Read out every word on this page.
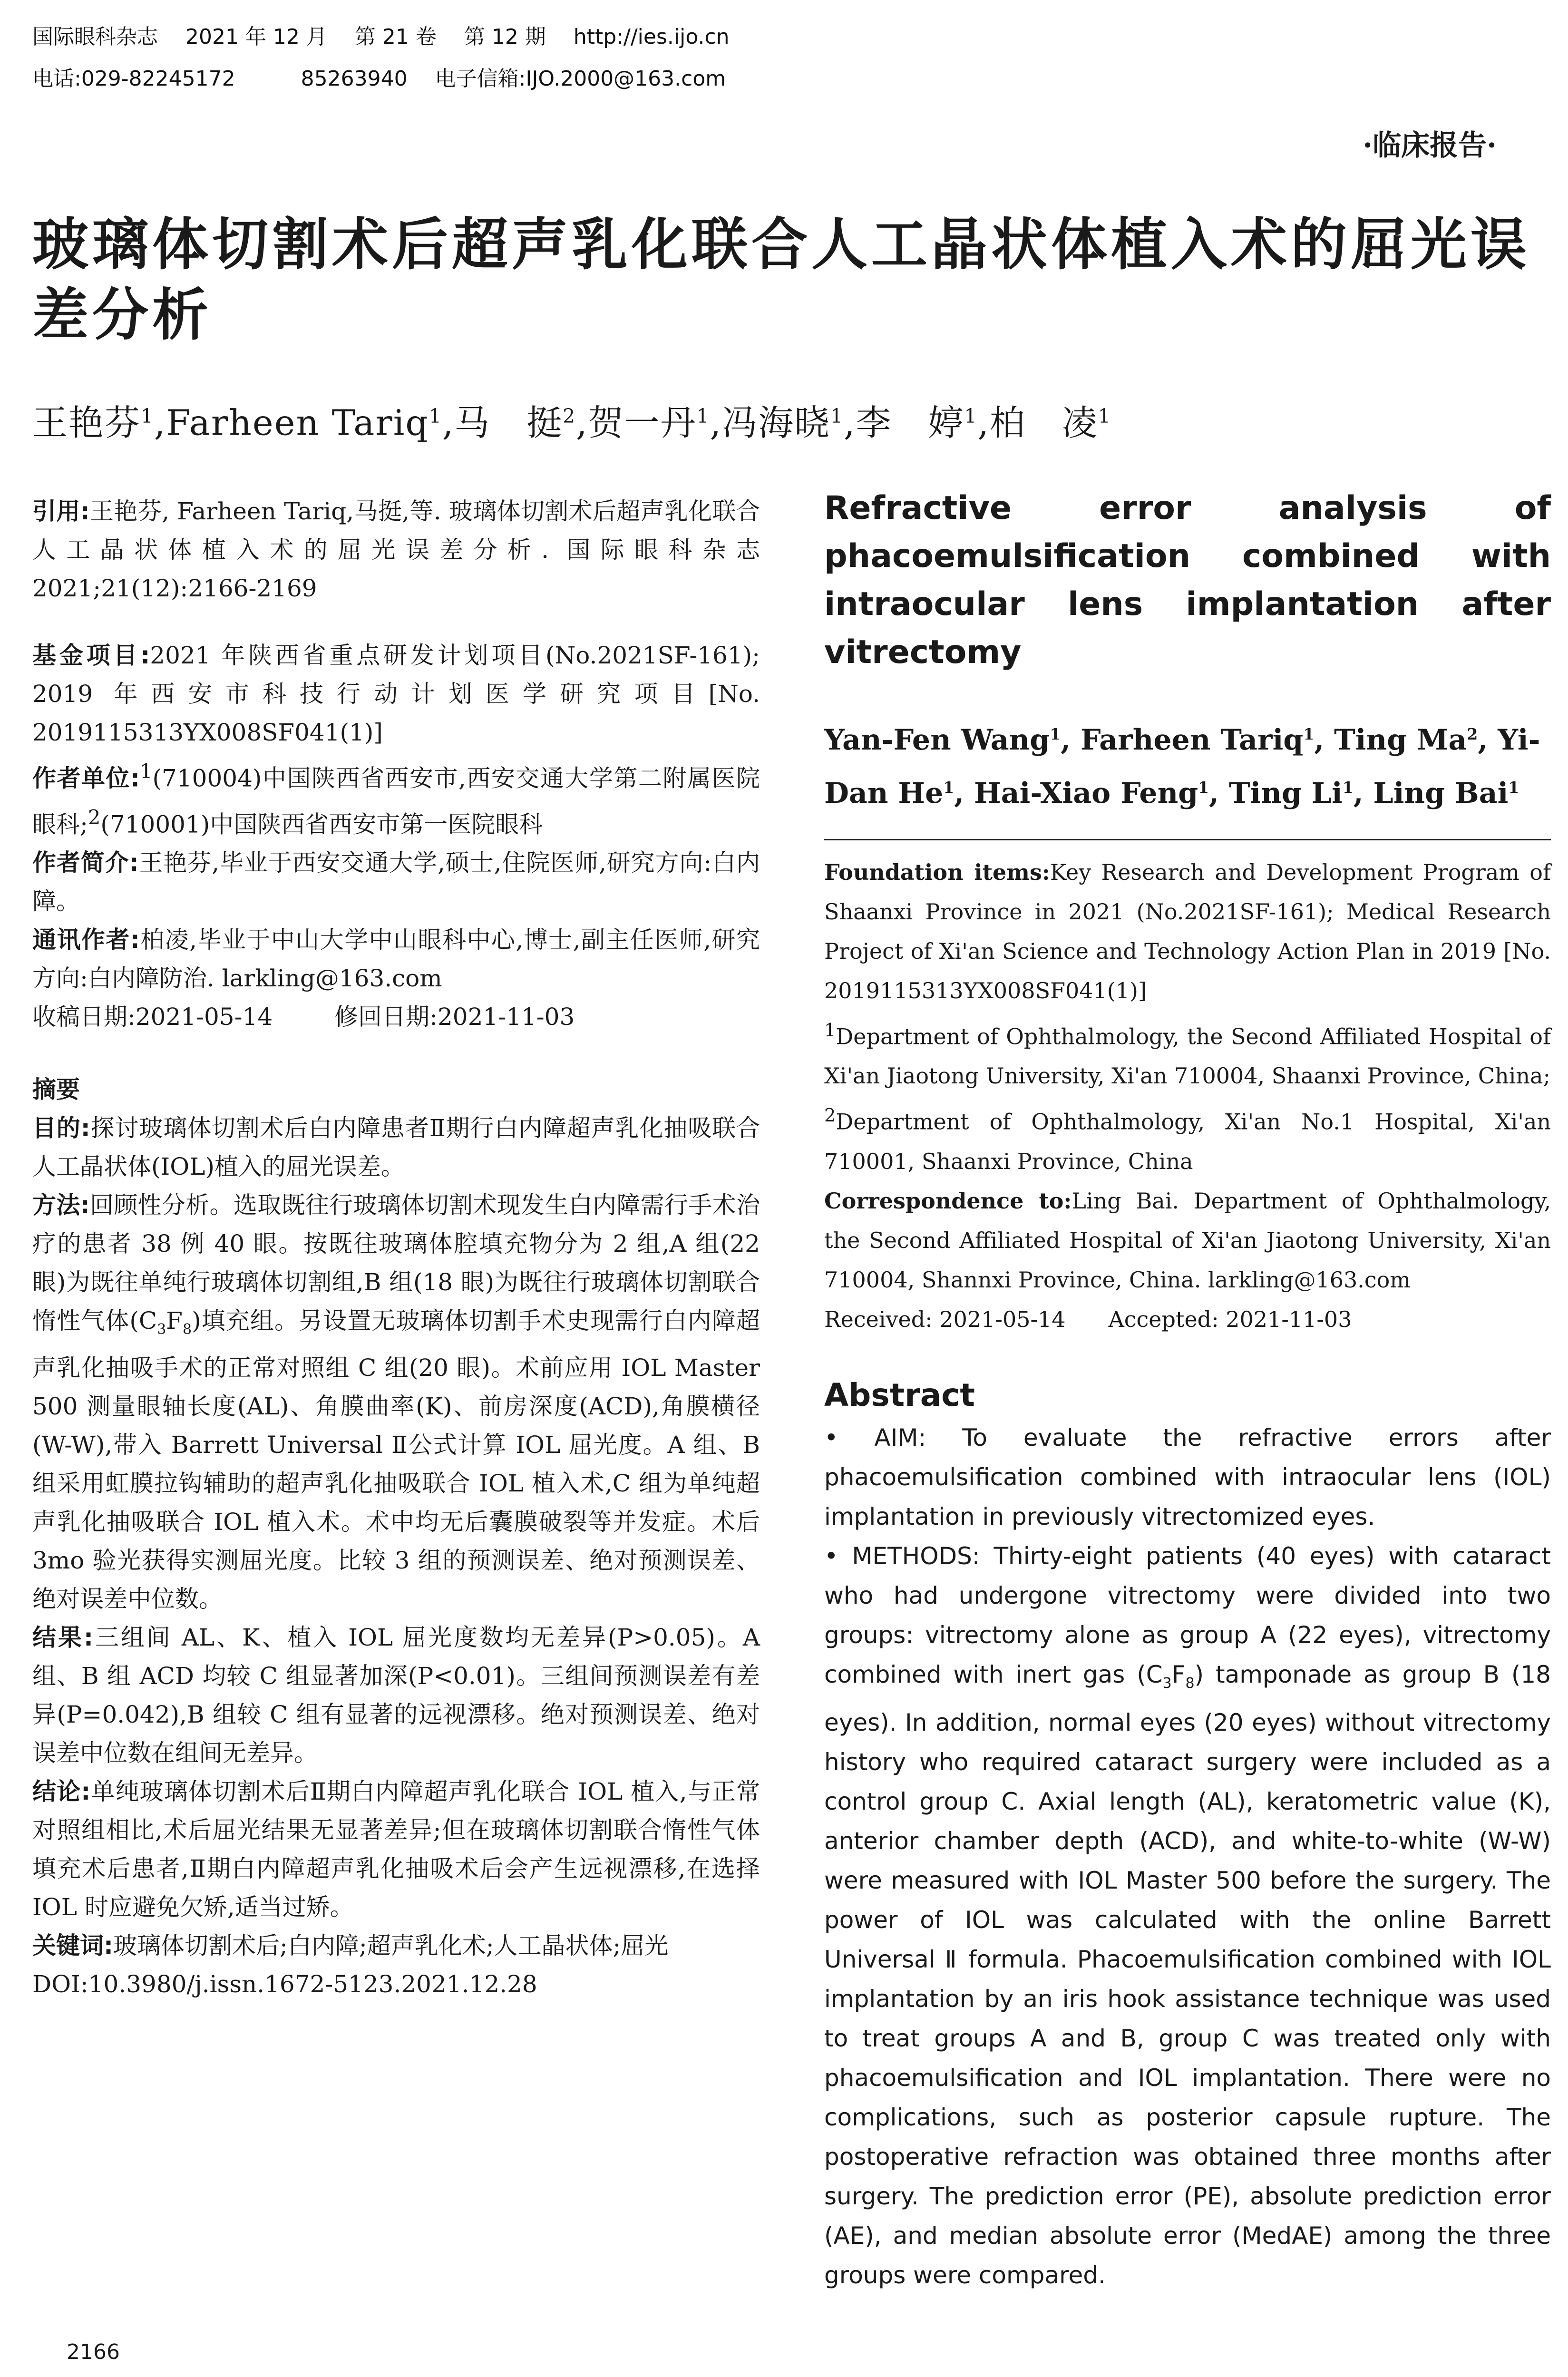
国际眼科杂志 2021 年 12 月 第 21 卷 第 12 期 http://ies.ijo.cn
电话:029-82245172	85263940 电子信箱:IJO.2000@163.com
·临床报告·
玻璃体切割术后超声乳化联合人工晶状体植入术的屈光误差分析
王艳芬$^1$,Farheen Tariq$^1$,马　挺$^2$,贺一丹$^1$,冯海晓$^1$,李　婷$^1$,柏　凌$^1$

引用:王艳芬, Farheen Tariq,马挺,等. 玻璃体切割术后超声乳化联合人工晶状体植入术的屈光误差分析. 国际眼科杂志 2021;21(12):2166-2169

基金项目:2021 年陕西省重点研发计划项目(No.2021SF-161); 2019 年西安市科技行动计划医学研究项目[No. 2019115313YX008SF041(1)]

作者单位:$^1$(710004)中国陕西省西安市,西安交通大学第二附属医院眼科;$^2$(710001)中国陕西省西安市第一医院眼科

作者简介:王艳芬,毕业于西安交通大学,硕士,住院医师,研究方向:白内障。

通讯作者:柏凌,毕业于中山大学中山眼科中心,博士,副主任医师,研究方向:白内障防治. larkling@163.com

收稿日期:2021-05-14	修回日期:2021-11-03

摘要

目的:探讨玻璃体切割术后白内障患者Ⅱ期行白内障超声乳化抽吸联合人工晶状体(IOL)植入的屈光误差。

方法:回顾性分析。选取既往行玻璃体切割术现发生白内障需行手术治疗的患者 38 例 40 眼。按既往玻璃体腔填充物分为 2 组,A 组(22 眼)为既往单纯行玻璃体切割组,B 组(18 眼)为既往行玻璃体切割联合惰性气体$(C_3F_8)$填充组。另设置无玻璃体切割手术史现需行白内障超声乳化抽吸手术的正常对照组 C 组(20 眼)。术前应用 IOL Master 500 测量眼轴长度(AL)、角膜曲率(K)、前房深度(ACD),角膜横径(W-W),带入 Barrett Universal Ⅱ公式计算 IOL 屈光度。A 组、B 组采用虹膜拉钩辅助的超声乳化抽吸联合 IOL 植入术,C 组为单纯超声乳化抽吸联合 IOL 植入术。术中均无后囊膜破裂等并发症。术后 3mo 验光获得实测屈光度。比较 3 组的预测误差、绝对预测误差、绝对误差中位数。

结果:三组间 AL、K、植入 IOL 屈光度数均无差异(P>0.05)。A 组、B 组 ACD 均较 C 组显著加深(P<0.01)。三组间预测误差有差异(P=0.042),B 组较 C 组有显著的远视漂移。绝对预测误差、绝对误差中位数在组间无差异。

结论:单纯玻璃体切割术后Ⅱ期白内障超声乳化联合 IOL 植入,与正常对照组相比,术后屈光结果无显著差异;但在玻璃体切割联合惰性气体填充术后患者,Ⅱ期白内障超声乳化抽吸术后会产生远视漂移,在选择 IOL 时应避免欠矫,适当过矫。

关键词:玻璃体切割术后;白内障;超声乳化术;人工晶状体;屈光

DOI:10.3980/j.issn.1672-5123.2021.12.28

Refractive error analysis of phacoemulsification combined with intraocular lens implantation after vitrectomy
Yan-Fen Wang$^1$, Farheen Tariq$^1$, Ting Ma$^2$, Yi-Dan He$^1$, Hai-Xiao Feng$^1$, Ting Li$^1$, Ling Bai$^1$

Foundation items:Key Research and Development Program of Shaanxi Province in 2021 (No.2021SF-161); Medical Research Project of Xi'an Science and Technology Action Plan in 2019 [No. 2019115313YX008SF041(1)]

$^1$Department of Ophthalmology, the Second Affiliated Hospital of Xi'an Jiaotong University, Xi'an 710004, Shaanxi Province, China;

$^2$Department of Ophthalmology, Xi'an No.1 Hospital, Xi'an 710001, Shaanxi Province, China

Correspondence to:Ling Bai. Department of Ophthalmology, the Second Affiliated Hospital of Xi'an Jiaotong University, Xi'an 710004, Shannxi Province, China. larkling@163.com

Received: 2021-05-14 Accepted: 2021-11-03

Abstract

• AIM: To evaluate the refractive errors after phacoemulsification combined with intraocular lens (IOL) implantation in previously vitrectomized eyes.

• METHODS: Thirty-eight patients (40 eyes) with cataract who had undergone vitrectomy were divided into two groups: vitrectomy alone as group A (22 eyes), vitrectomy combined with inert gas $(C_3F_8)$ tamponade as group B (18 eyes). In addition, normal eyes (20 eyes) without vitrectomy history who required cataract surgery were included as a control group C. Axial length (AL), keratometric value (K), anterior chamber depth (ACD), and white-to-white (W-W) were measured with IOL Master 500 before the surgery. The power of IOL was calculated with the online Barrett Universal Ⅱ formula. Phacoemulsification combined with IOL implantation by an iris hook assistance technique was used to treat groups A and B, group C was treated only with phacoemulsification and IOL implantation. There were no complications, such as posterior capsule rupture. The postoperative refraction was obtained three months after surgery. The prediction error (PE), absolute prediction error (AE), and median absolute error (MedAE) among the three groups were compared.

2166
